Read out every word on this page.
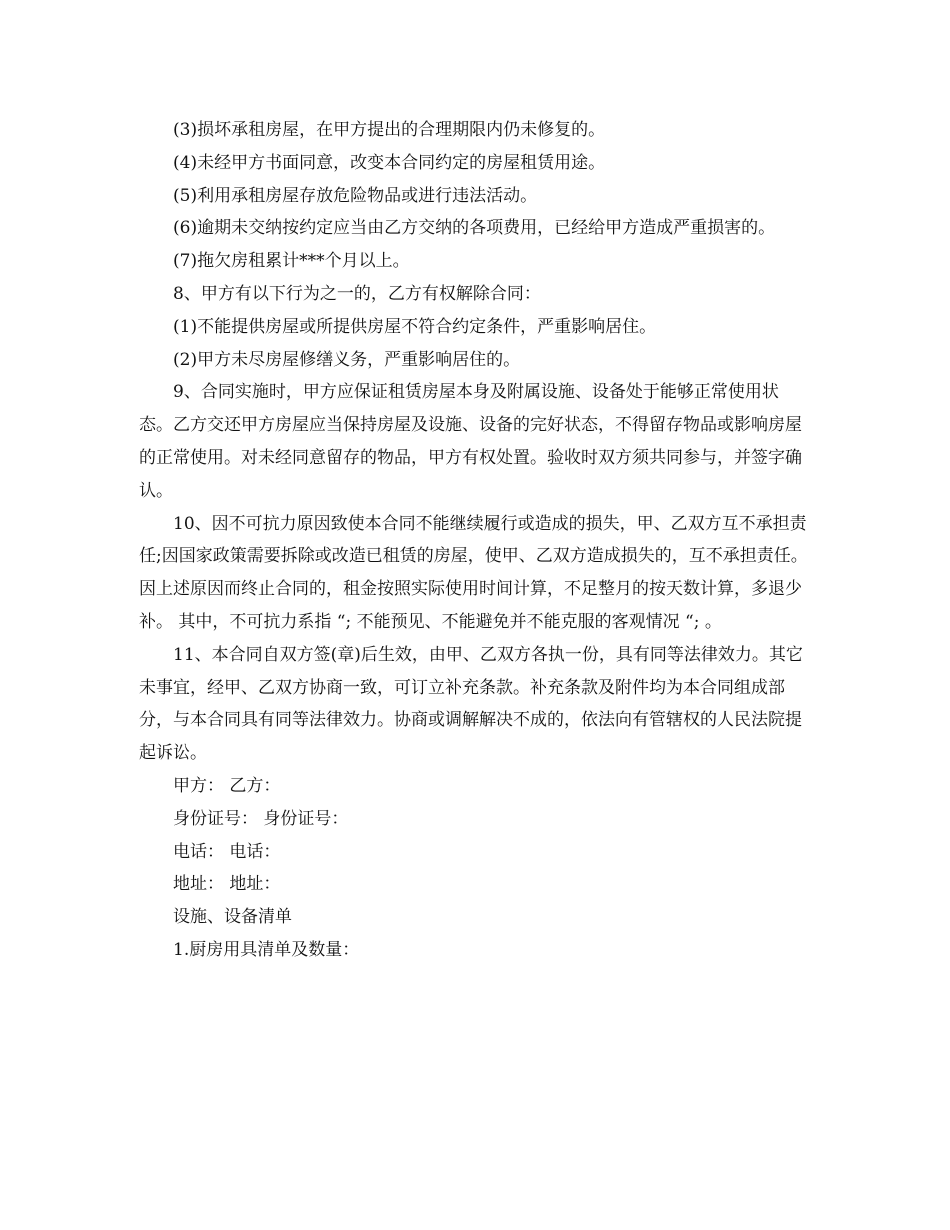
(3)损坏承租房屋，在甲方提出的合理期限内仍未修复的。

(4)未经甲方书面同意，改变本合同约定的房屋租赁用途。

(5)利用承租房屋存放危险物品或进行违法活动。

(6)逾期未交纳按约定应当由乙方交纳的各项费用，已经给甲方造成严重损害的。

(7)拖欠房租累计***个月以上。

8、甲方有以下行为之一的，乙方有权解除合同：

(1)不能提供房屋或所提供房屋不符合约定条件，严重影响居住。

(2)甲方未尽房屋修缮义务，严重影响居住的。

9、合同实施时，甲方应保证租赁房屋本身及附属设施、设备处于能够正常使用状态。乙方交还甲方房屋应当保持房屋及设施、设备的完好状态，不得留存物品或影响房屋的正常使用。对未经同意留存的物品，甲方有权处置。验收时双方须共同参与，并签字确认。

10、因不可抗力原因致使本合同不能继续履行或造成的损失，甲、乙双方互不承担责任;因国家政策需要拆除或改造已租赁的房屋，使甲、乙双方造成损失的，互不承担责任。因上述原因而终止合同的，租金按照实际使用时间计算，不足整月的按天数计算，多退少补。 其中，不可抗力系指 “; 不能预见、不能避免并不能克服的客观情况 “; 。

11、本合同自双方签(章)后生效，由甲、乙双方各执一份，具有同等法律效力。其它未事宜，经甲、乙双方协商一致，可订立补充条款。补充条款及附件均为本合同组成部分，与本合同具有同等法律效力。协商或调解解决不成的，依法向有管辖权的人民法院提起诉讼。

甲方： 乙方：

身份证号： 身份证号：

电话： 电话：

地址： 地址：

设施、设备清单

1.厨房用具清单及数量：
